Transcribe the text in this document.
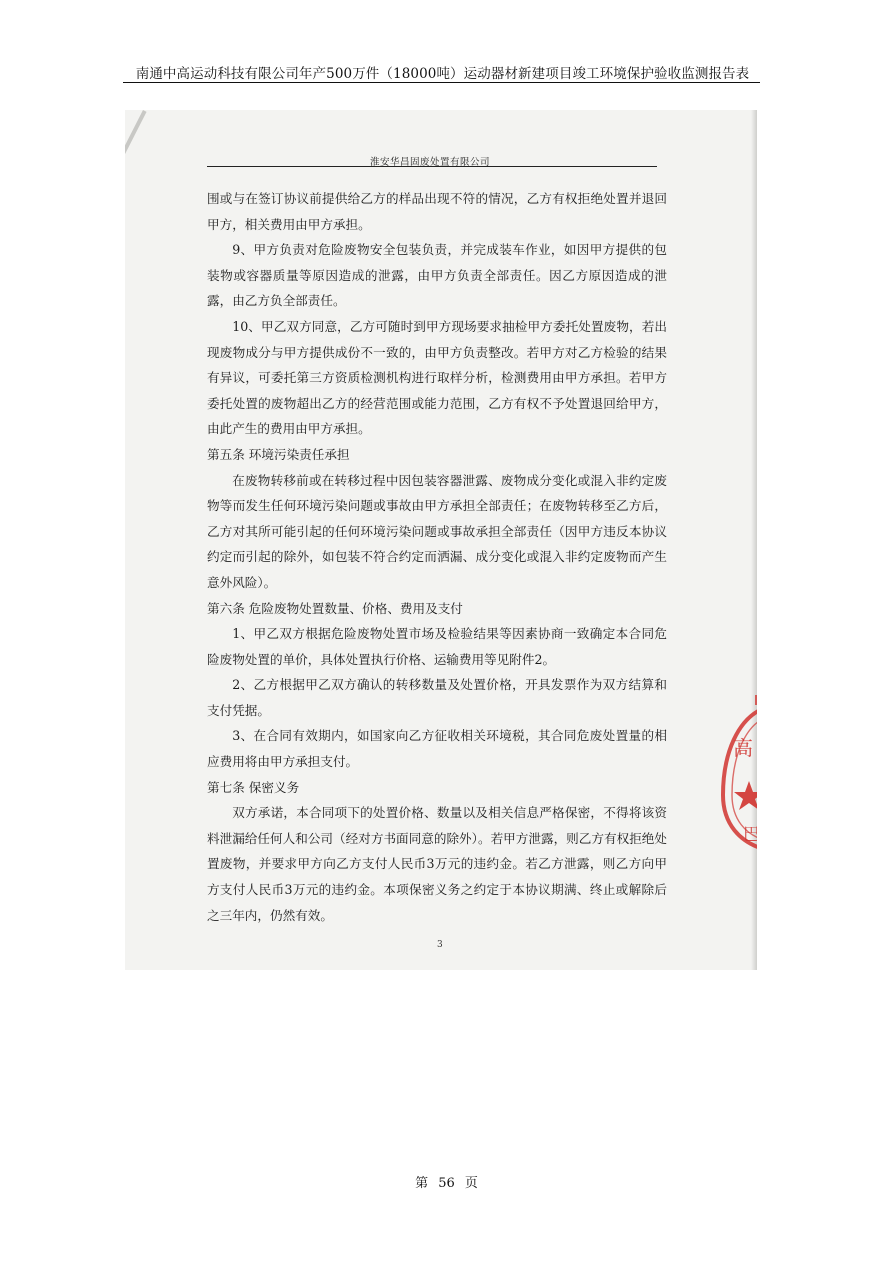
南通中高运动科技有限公司年产500万件（18000吨）运动器材新建项目竣工环境保护验收监测报告表
淮安华昌固废处置有限公司

围或与在签订协议前提供给乙方的样品出现不符的情况，乙方有权拒绝处置并退回甲方，相关费用由甲方承担。

9、甲方负责对危险废物安全包装负责，并完成装车作业，如因甲方提供的包装物或容器质量等原因造成的泄露，由甲方负责全部责任。因乙方原因造成的泄露，由乙方负全部责任。

10、甲乙双方同意，乙方可随时到甲方现场要求抽检甲方委托处置废物，若出现废物成分与甲方提供成份不一致的，由甲方负责整改。若甲方对乙方检验的结果有异议，可委托第三方资质检测机构进行取样分析，检测费用由甲方承担。若甲方委托处置的废物超出乙方的经营范围或能力范围，乙方有权不予处置退回给甲方，由此产生的费用由甲方承担。

第五条 环境污染责任承担

在废物转移前或在转移过程中因包装容器泄露、废物成分变化或混入非约定废物等而发生任何环境污染问题或事故由甲方承担全部责任；在废物转移至乙方后，乙方对其所可能引起的任何环境污染问题或事故承担全部责任（因甲方违反本协议约定而引起的除外，如包装不符合约定而洒漏、成分变化或混入非约定废物而产生意外风险）。

第六条 危险废物处置数量、价格、费用及支付

1、甲乙双方根据危险废物处置市场及检验结果等因素协商一致确定本合同危险废物处置的单价，具体处置执行价格、运输费用等见附件2。

2、乙方根据甲乙双方确认的转移数量及处置价格，开具发票作为双方结算和支付凭据。

3、在合同有效期内，如国家向乙方征收相关环境税，其合同危废处置量的相应费用将由甲方承担支付。

第七条 保密义务

双方承诺，本合同项下的处置价格、数量以及相关信息严格保密，不得将该资料泄漏给任何人和公司（经对方书面同意的除外）。若甲方泄露，则乙方有权拒绝处置废物，并要求甲方向乙方支付人民币3万元的违约金。若乙方泄露，则乙方向甲方支付人民币3万元的违约金。本项保密义务之约定于本协议期满、终止或解除后之三年内，仍然有效。

3
高
巴
第 56 页
